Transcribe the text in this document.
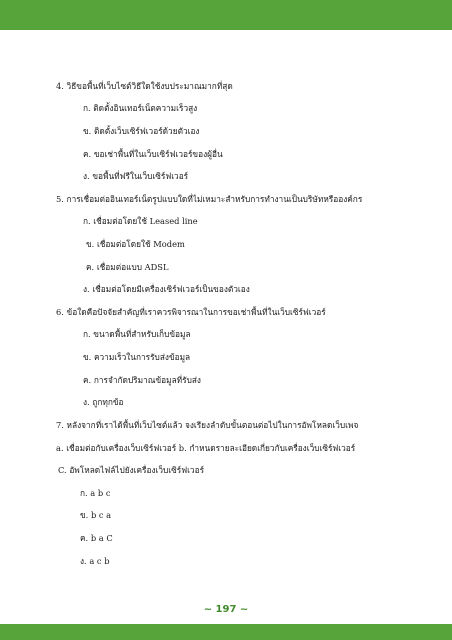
4. วิธีขอพื้นที่เว็บไซต์วิธีใดใช้งบประมาณมากที่สุด
ก. ติดตั้งอินเทอร์เน็ตความเร็วสูง
ข. ติดตั้งเว็บเซิร์ฟเวอร์ด้วยตัวเอง
ค. ขอเช่าพื้นที่ในเว็บเซิร์ฟเวอร์ของผู้อื่น
ง. ขอพื้นที่ฟรีในเว็บเซิร์ฟเวอร์
5. การเชื่อมต่ออินเทอร์เน็ตรูปแบบใดที่ไม่เหมาะสำหรับการทำงานเป็นบริษัทหรือองค์กร
ก. เชื่อมต่อโดยใช้ Leased line
ข. เชื่อมต่อโดยใช้ Modem
ค. เชื่อมต่อแบบ ADSL
ง. เชื่อมต่อโดยมีเครื่องเซิร์ฟเวอร์เป็นของตัวเอง
6. ข้อใดคือปัจจัยสำคัญที่เราควรพิจารณาในการขอเช่าพื้นที่ในเว็บเซิร์ฟเวอร์
ก. ขนาดพื้นที่สำหรับเก็บข้อมูล
ข. ความเร็วในการรับส่งข้อมูล
ค. การจำกัดปริมาณข้อมูลที่รับส่ง
ง. ถูกทุกข้อ
7. หลังจากที่เราได้พื้นที่เว็บไซต์แล้ว จงเรียงลำดับขั้นตอนต่อไปในการอัพโหลดเว็บเพจ
a. เชื่อมต่อกับเครื่องเว็บเซิร์ฟเวอร์ b. กำหนดรายละเอียดเกี่ยวกับเครื่องเว็บเซิร์ฟเวอร์
C. อัพโหลดไฟล์ไปยังเครื่องเว็บเซิร์ฟเวอร์
ก. a b c
ข. b c a
ค. b a C
ง. a c b
~ 197 ~
